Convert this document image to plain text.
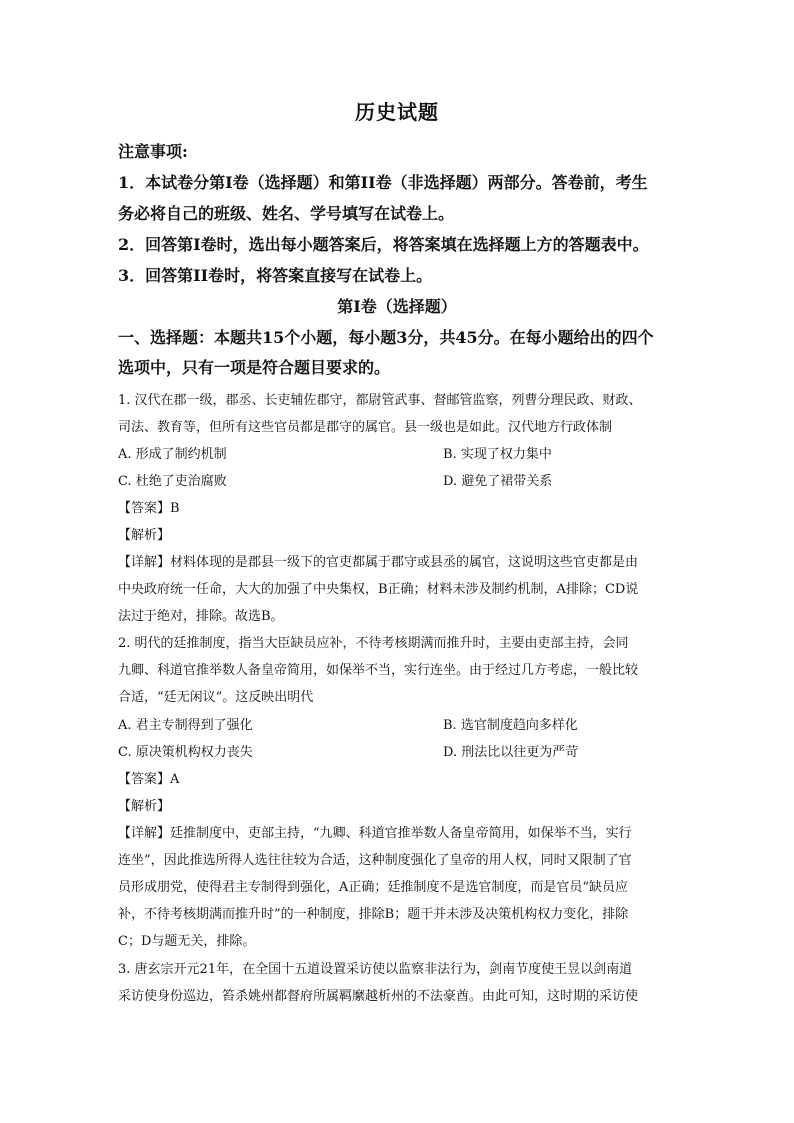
历史试题
注意事项:
1．本试卷分第Ⅰ卷（选择题）和第II卷（非选择题）两部分。答卷前，考生
务必将自己的班级、姓名、学号填写在试卷上。
2．回答第Ⅰ卷时，选出每小题答案后，将答案填在选择题上方的答题表中。
3．回答第II卷时，将答案直接写在试卷上。
第Ⅰ卷（选择题）
一、选择题：本题共15个小题，每小题3分，共45分。在每小题给出的四个
选项中，只有一项是符合题目要求的。
1. 汉代在郡一级，郡丞、长吏辅佐郡守，都尉管武事、督邮管监察，列曹分理民政、财政、
司法、教育等，但所有这些官员都是郡守的属官。县一级也是如此。汉代地方行政体制
A. 形成了制约机制	B. 实现了权力集中
C. 杜绝了吏治腐败	D. 避免了裙带关系
【答案】B
【解析】
【详解】材料体现的是郡县一级下的官吏都属于郡守或县丞的属官，这说明这些官吏都是由
中央政府统一任命，大大的加强了中央集权，B正确；材料未涉及制约机制，A排除；CD说
法过于绝对，排除。故选B。
2. 明代的廷推制度，指当大臣缺员应补，不待考核期满而推升时，主要由吏部主持，会同
九卿、科道官推举数人备皇帝简用，如保举不当，实行连坐。由于经过几方考虑，一般比较
合适，“廷无闲议”。这反映出明代
A. 君主专制得到了强化	B. 选官制度趋向多样化
C. 原决策机构权力丧失	D. 刑法比以往更为严苛
【答案】A
【解析】
【详解】廷推制度中，吏部主持，“九卿、科道官推举数人备皇帝简用，如保举不当，实行
连坐”，因此推选所得人选往往较为合适，这种制度强化了皇帝的用人权，同时又限制了官
员形成朋党，使得君主专制得到强化，A正确；廷推制度不是选官制度，而是官员“缺员应
补，不待考核期满而推升时”的一种制度，排除B；题干并未涉及决策机构权力变化，排除
C；D与题无关，排除。
3. 唐玄宗开元21年，在全国十五道设置采访使以监察非法行为，剑南节度使王昱以剑南道
采访使身份巡边，笞杀姚州都督府所属羁縻越析州的不法豪酋。由此可知，这时期的采访使
